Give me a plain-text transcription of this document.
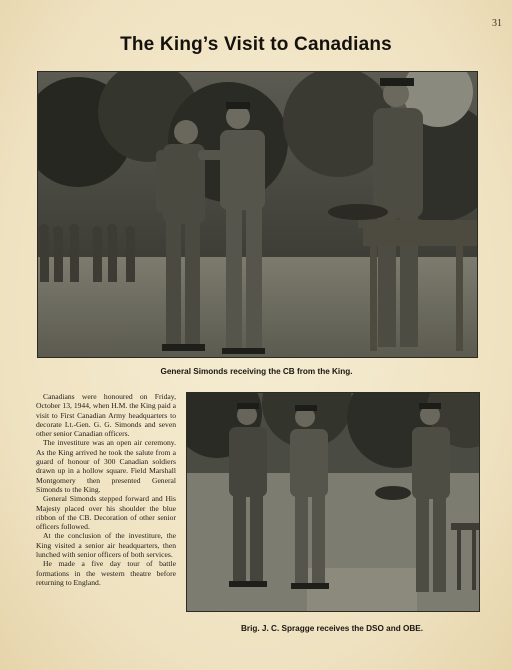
31
The King’s Visit to Canadians
General Simonds receiving the CB from the King.

Canadians were honoured on Friday, October 13, 1944, when H.M. the King paid a visit to First Canadian Army headquarters to decorate Lt.-Gen. G. G. Simonds and seven other senior Canadian officers.

The investiture was an open air ceremony. As the King arrived he took the salute from a guard of honour of 300 Canadian soldiers drawn up in a hollow square. Field Marshall Montgomery then presented General Simonds to the King.

General Simonds stepped forward and His Majesty placed over his shoulder the blue ribbon of the CB. Decoration of other senior officers followed.

At the conclusion of the investiture, the King visited a senior air headquarters, then lunched with senior officers of both services.

He made a five day tour of battle formations in the western theatre before returning to England.

Brig. J. C. Spragge receives the DSO and OBE.
